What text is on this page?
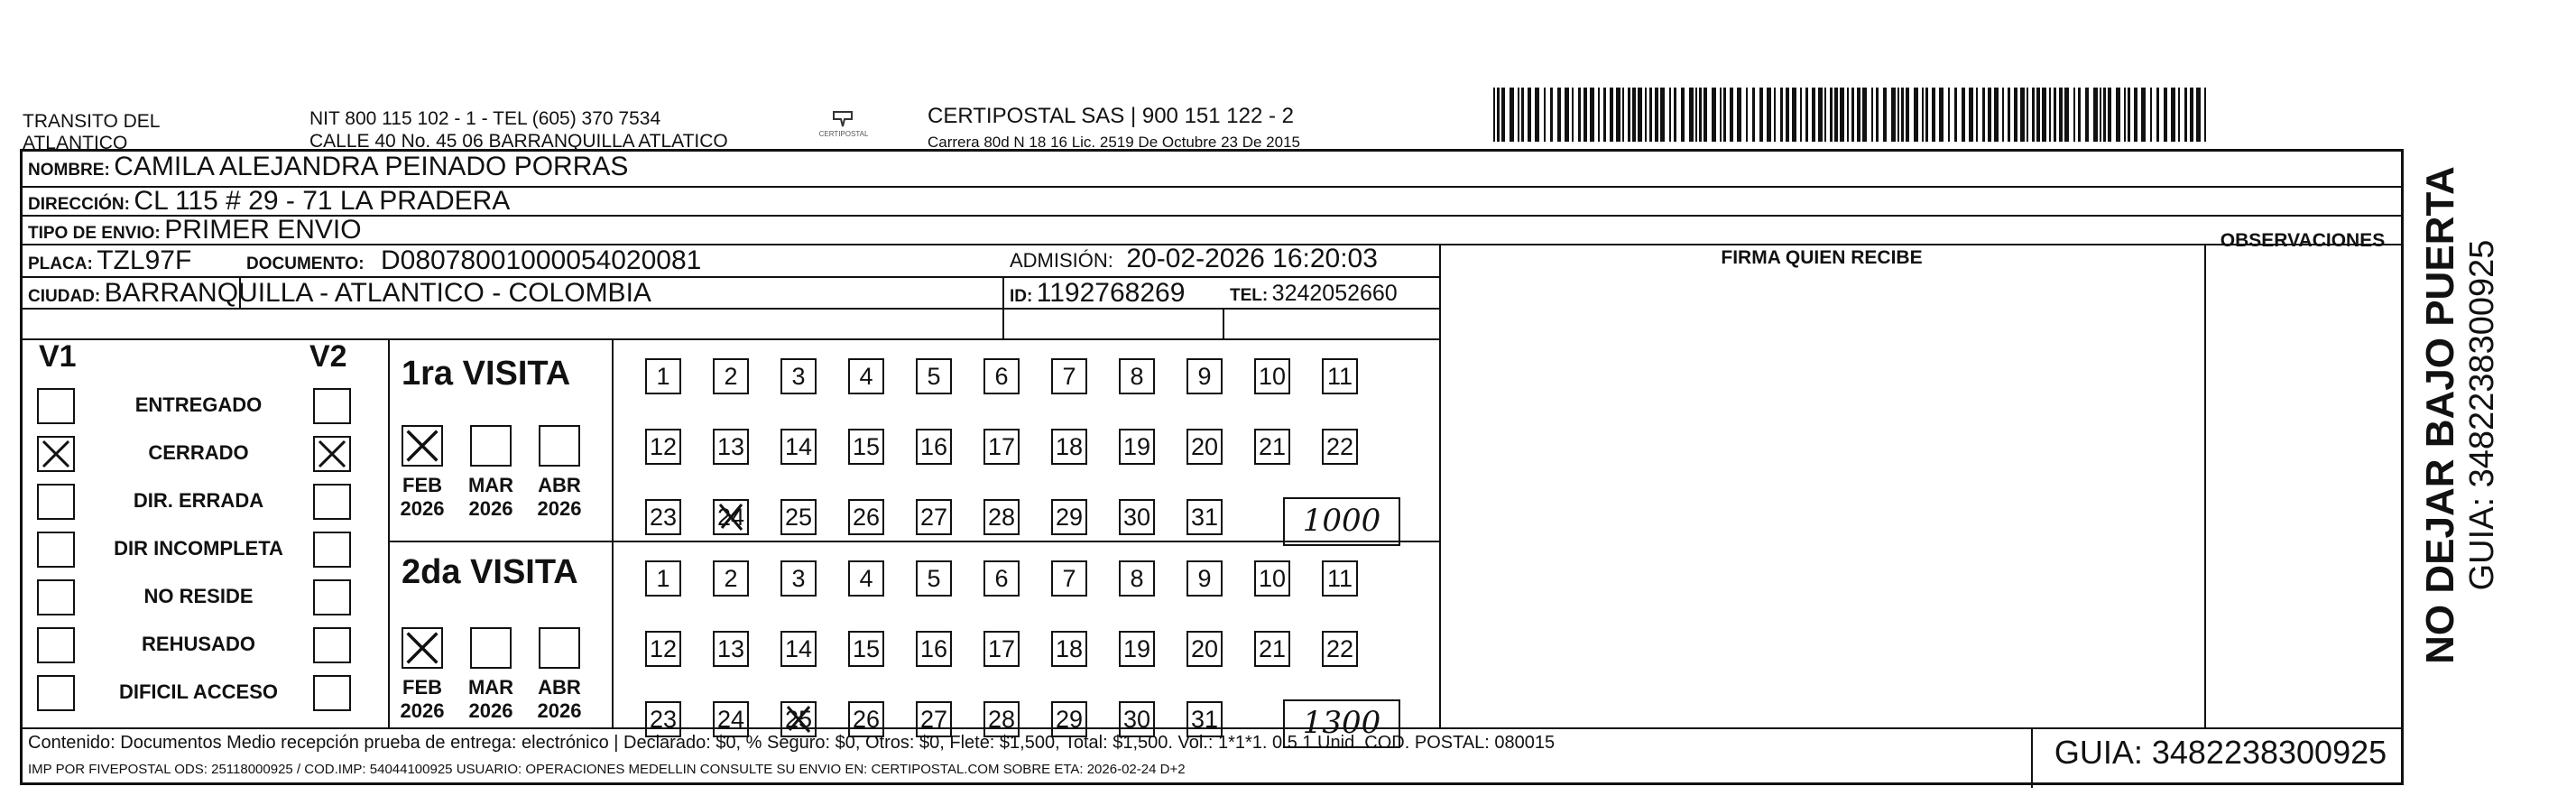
TRANSITO DEL
ATLANTICO
NIT 800 115 102 - 1 - TEL (605) 370 7534
CALLE 40 No. 45 06 BARRANQUILLA ATLATICO	CERTIPOSTAL
CERTIPOSTAL SAS | 900 151 122 - 2
Carrera 80d N 18 16 Lic. 2519 De Octubre 23 De 2015
NOMBRE: CAMILA ALEJANDRA PEINADO PORRAS
DIRECCIÓN: CL 115 # 29 - 71 LA PRADERA
TIPO DE ENVIO: PRIMER ENVIO
PLACA: TZL97F	DOCUMENTO: D08078001000054020081	ADMISIÓN: 20-02-2026 16:20:03
CIUDAD: BARRANQUILLA - ATLANTICO - COLOMBIA	ID: 1192768269	TEL: 3242052660
FIRMA QUIEN RECIBE
OBSERVACIONES
V1	V2
ENTREGADO
CERRADO
DIR. ERRADA
DIR INCOMPLETA
NO RESIDE
REHUSADO
DIFICIL ACCESO
1ra VISITA
2da VISITA
FEB
2026
MAR
2026
ABR
2026
1	2	3	4	5	6	7	8	9	10 11
12 13 14 15 16 17 18 19 20 21 22
23 24 25 26 27 28 29 30 31	1000
FEB
2026
MAR
2026
ABR
2026
1	2	3	4	5	6	7	8	9	10 11
12 13 14 15 16 17 18 19 20 21 22
23 24 25 26 27 28 29 30 31	1300
Contenido: Documentos Medio recepción prueba de entrega: electrónico | Declarado: $0, % Seguro: $0, Otros: $0, Flete: $1,500, Total: $1,500. Vol.: 1*1*1. 0.5 1 Unid. COD. POSTAL: 080015
IMP POR FIVEPOSTAL ODS: 25118000925 / COD.IMP: 54044100925 USUARIO: OPERACIONES MEDELLIN CONSULTE SU ENVIO EN: CERTIPOSTAL.COM SOBRE ETA: 2026-02-24 D+2	GUIA: 3482238300925
NO DEJAR BAJO PUERTA GUIA: 3482238300925
